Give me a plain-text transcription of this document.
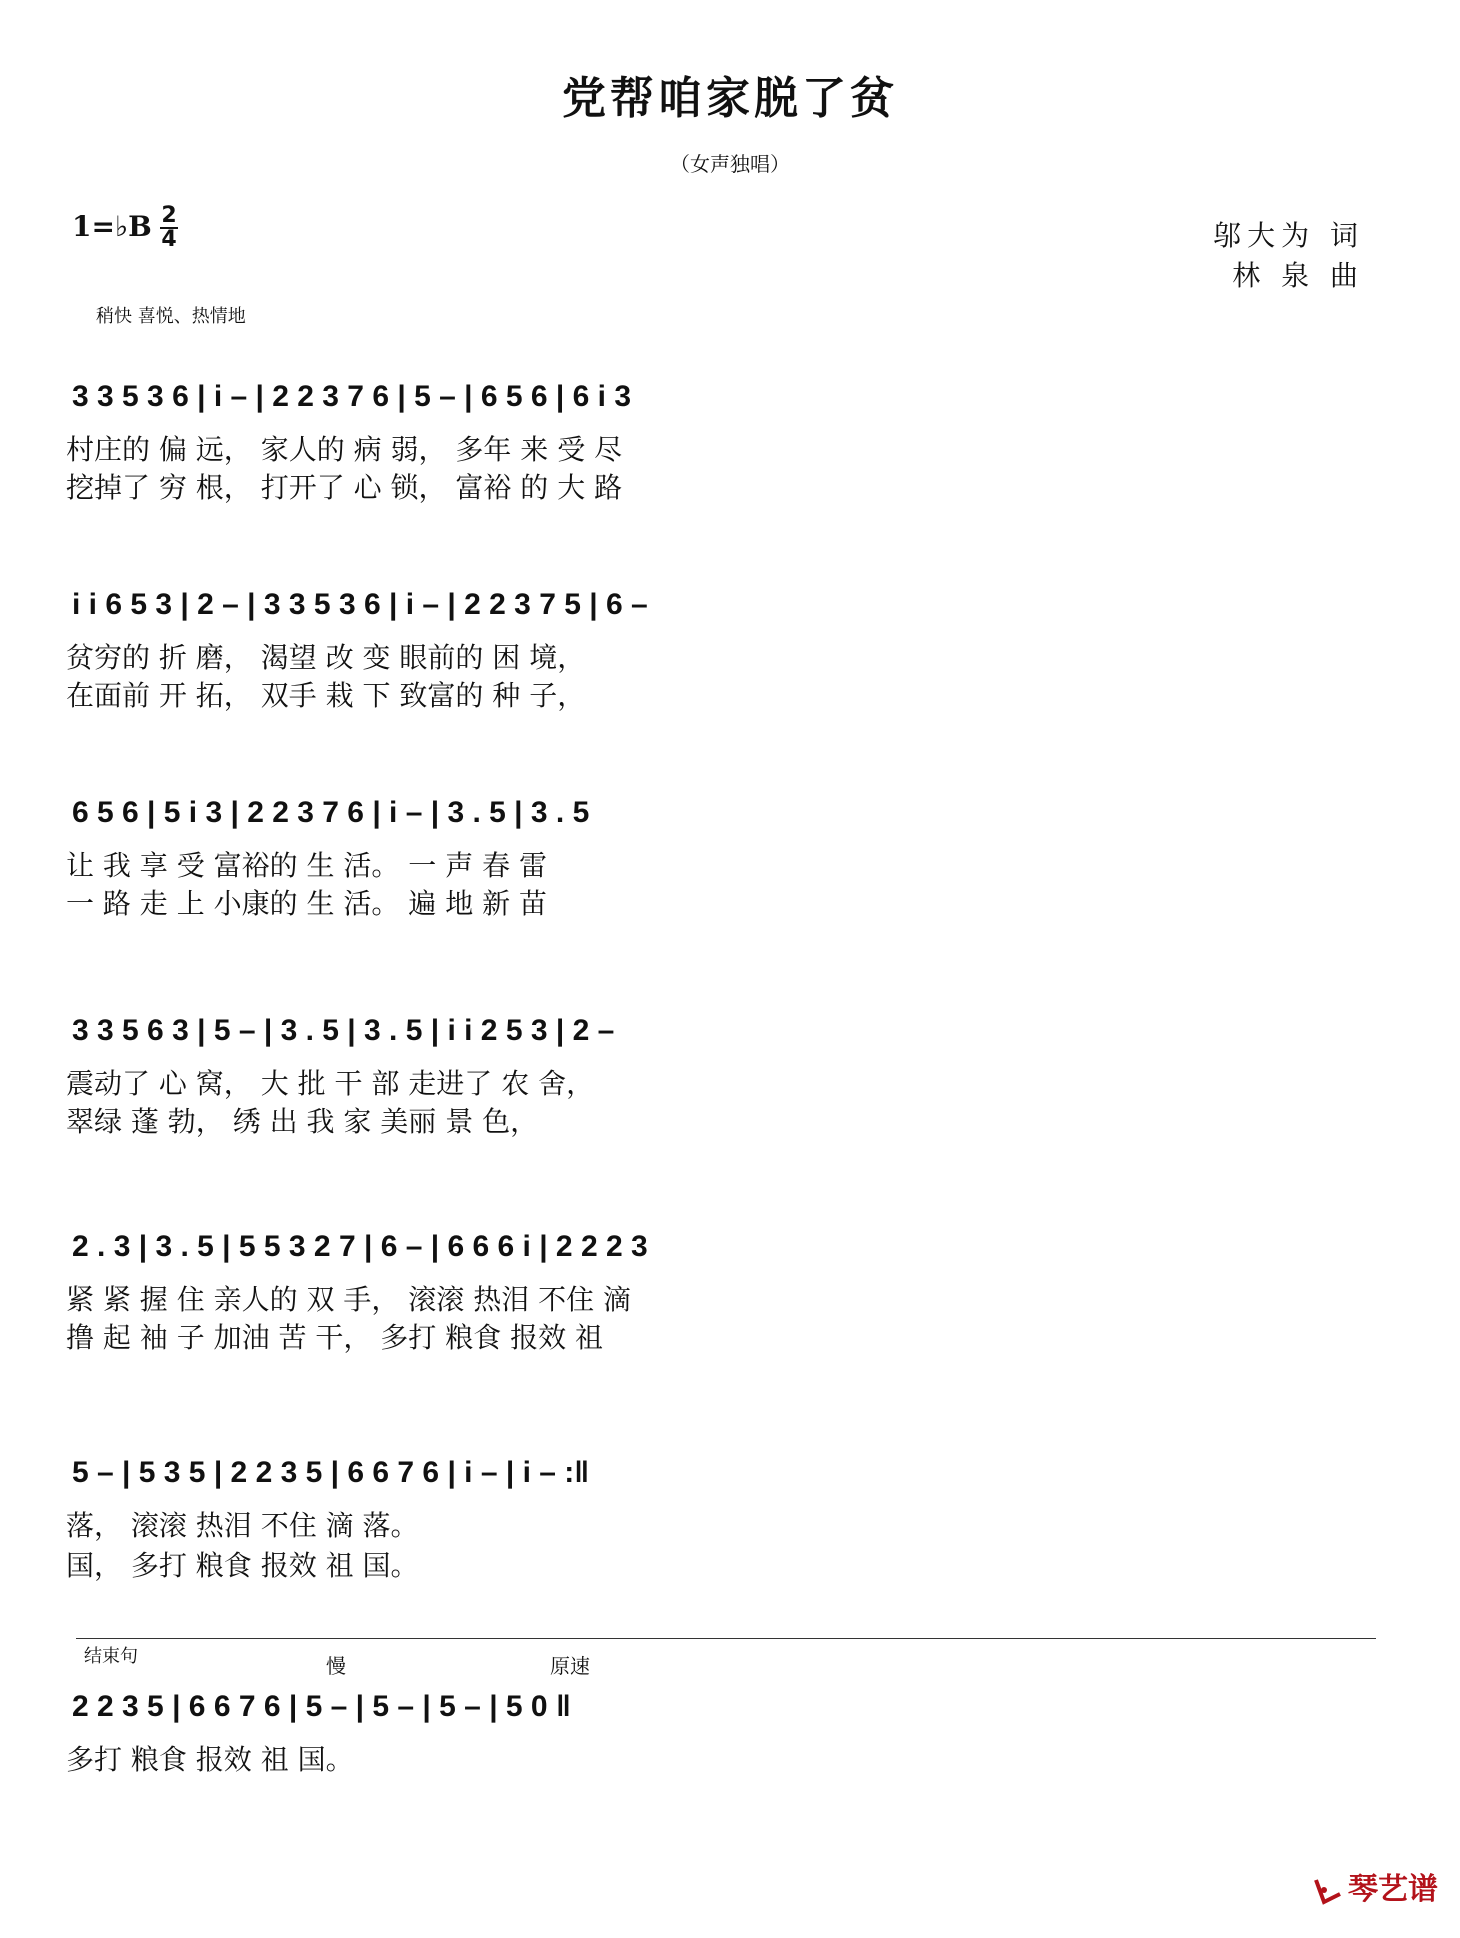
党帮咱家脱了贫
（女声独唱）
1=♭B 2
4	邬大为 词
林 泉 曲
稍快 喜悦、热情地
3 3 5 3 6 | i – | 2 2 3 7 6 | 5 – | 6 5 6 | 6 i 3
村庄的 偏 远， 家人的 病 弱， 多年 来 受 尽
挖掉了 穷 根， 打开了 心 锁， 富裕 的 大 路
i i 6 5 3 | 2 – | 3 3 5 3 6 | i – | 2 2 3 7 5 | 6 –
贫穷的 折 磨， 渴望 改 变 眼前的 困 境，
在面前 开 拓， 双手 栽 下 致富的 种 子，
6 5 6 | 5 i 3 | 2 2 3 7 6 | i – | 3 . 5 | 3 . 5
让 我 享 受 富裕的 生 活。 一 声 春 雷
一 路 走 上 小康的 生 活。 遍 地 新 苗
3 3 5 6 3 | 5 – | 3 . 5 | 3 . 5 | i i 2 5 3 | 2 –
震动了 心 窝， 大 批 干 部 走进了 农 舍，
翠绿 蓬 勃， 绣 出 我 家 美丽 景 色，
2 . 3 | 3 . 5 | 5 5 3 2 7 | 6 – | 6 6 6 i | 2 2 2 3
紧 紧 握 住 亲人的 双 手， 滚滚 热泪 不住 滴
撸 起 袖 子 加油 苦 干， 多打 粮食 报效 祖
5 – | 5 3 5 | 2 2 3 5 | 6 6 7 6 | i – | i – :‖
落， 滚滚 热泪 不住 滴 落。
国， 多打 粮食 报效 祖 国。
结束句	慢	原速
2 2 3 5 | 6 6 7 6 | 5 – | 5 – | 5 – | 5 0 ‖
多打 粮食 报效 祖 国。
琴艺谱
